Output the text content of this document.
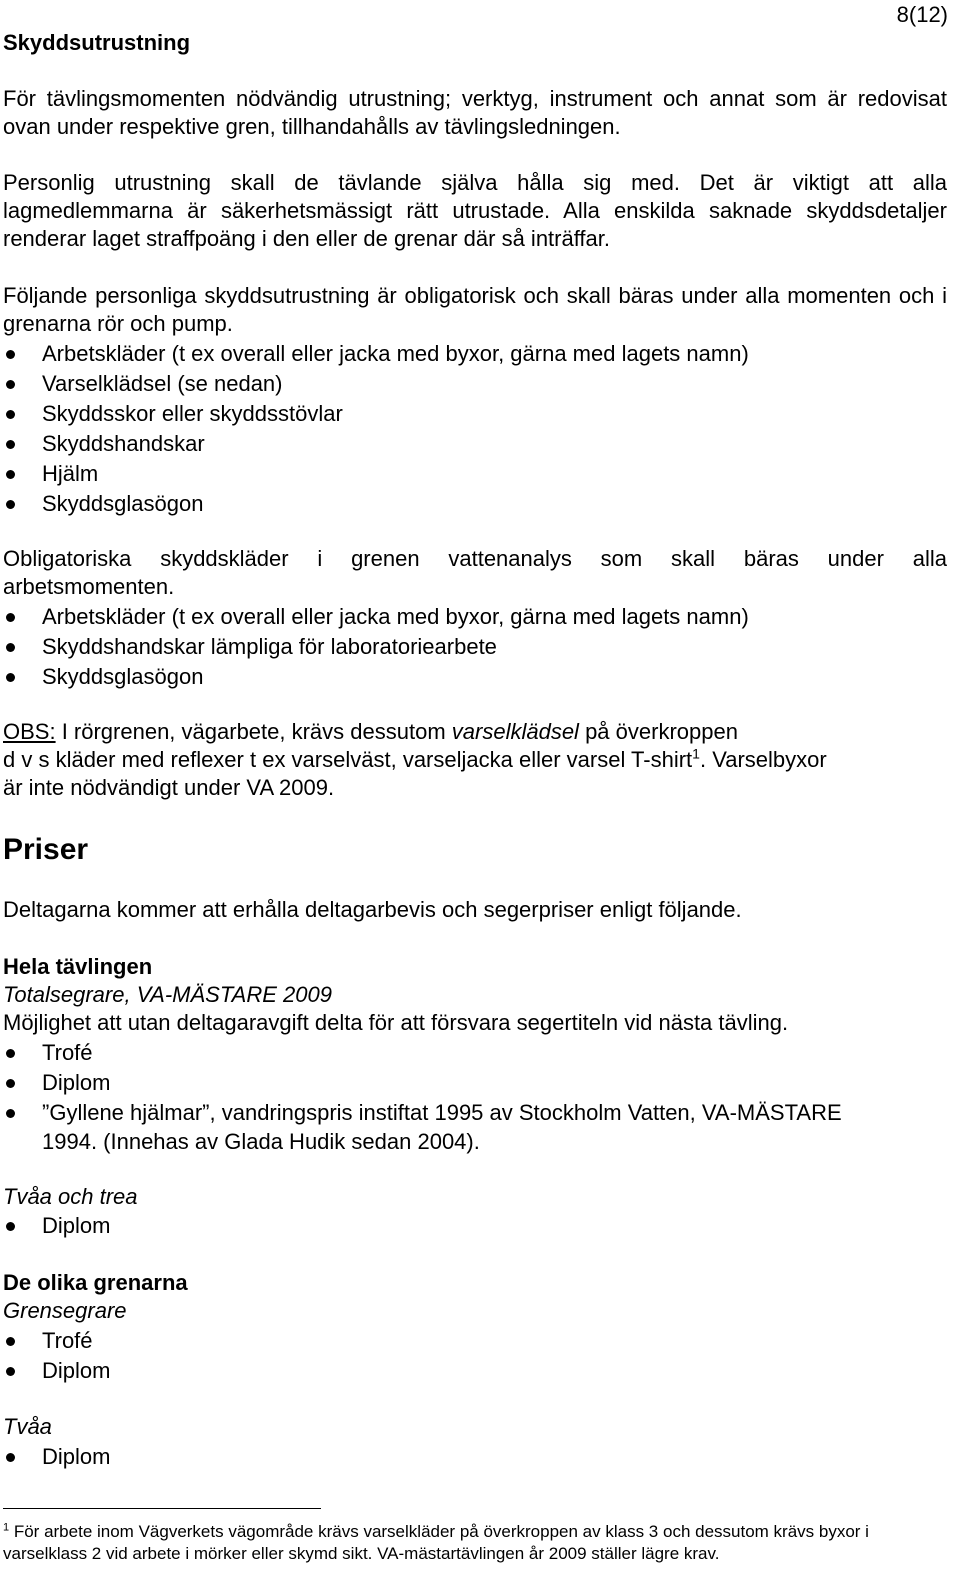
8(12)
Skyddsutrustning
För tävlingsmomenten nödvändig utrustning; verktyg, instrument och annat som är redovisat ovan under respektive gren, tillhandahålls av tävlingsledningen.
Personlig utrustning skall de tävlande själva hålla sig med. Det är viktigt att alla lagmedlemmarna är säkerhetsmässigt rätt utrustade. Alla enskilda saknade skyddsdetaljer renderar laget straffpoäng i den eller de grenar där så inträffar.
Följande personliga skyddsutrustning är obligatorisk och skall bäras under alla momenten och i grenarna rör och pump.
Arbetskläder (t ex overall eller jacka med byxor, gärna med lagets namn)
Varselklädsel (se nedan)
Skyddsskor eller skyddsstövlar
Skyddshandskar
Hjälm
Skyddsglasögon
Obligatoriska skyddskläder i grenen vattenanalys som skall bäras under alla
arbetsmomenten.
Arbetskläder (t ex overall eller jacka med byxor, gärna med lagets namn)
Skyddshandskar lämpliga för laboratoriearbete
Skyddsglasögon
OBS: I rörgrenen, vägarbete, krävs dessutom varselklädsel på överkroppen
d v s kläder med reflexer t ex varselväst, varseljacka eller varsel T-shirt$^1$. Varselbyxor
är inte nödvändigt under VA 2009.
Priser
Deltagarna kommer att erhålla deltagarbevis och segerpriser enligt följande.
Hela tävlingen
Totalsegrare, VA-MÄSTARE 2009
Möjlighet att utan deltagaravgift delta för att försvara segertiteln vid nästa tävling.
Trofé
Diplom
”Gyllene hjälmar”, vandringspris instiftat 1995 av Stockholm Vatten, VA-MÄSTARE
1994. (Innehas av Glada Hudik sedan 2004).
Tvåa och trea
Diplom
De olika grenarna
Grensegrare
Trofé
Diplom
Tvåa
Diplom
$^1$ För arbete inom Vägverkets vägområde krävs varselkläder på överkroppen av klass 3 och dessutom krävs byxor i
varselklass 2 vid arbete i mörker eller skymd sikt. VA-mästartävlingen år 2009 ställer lägre krav.
